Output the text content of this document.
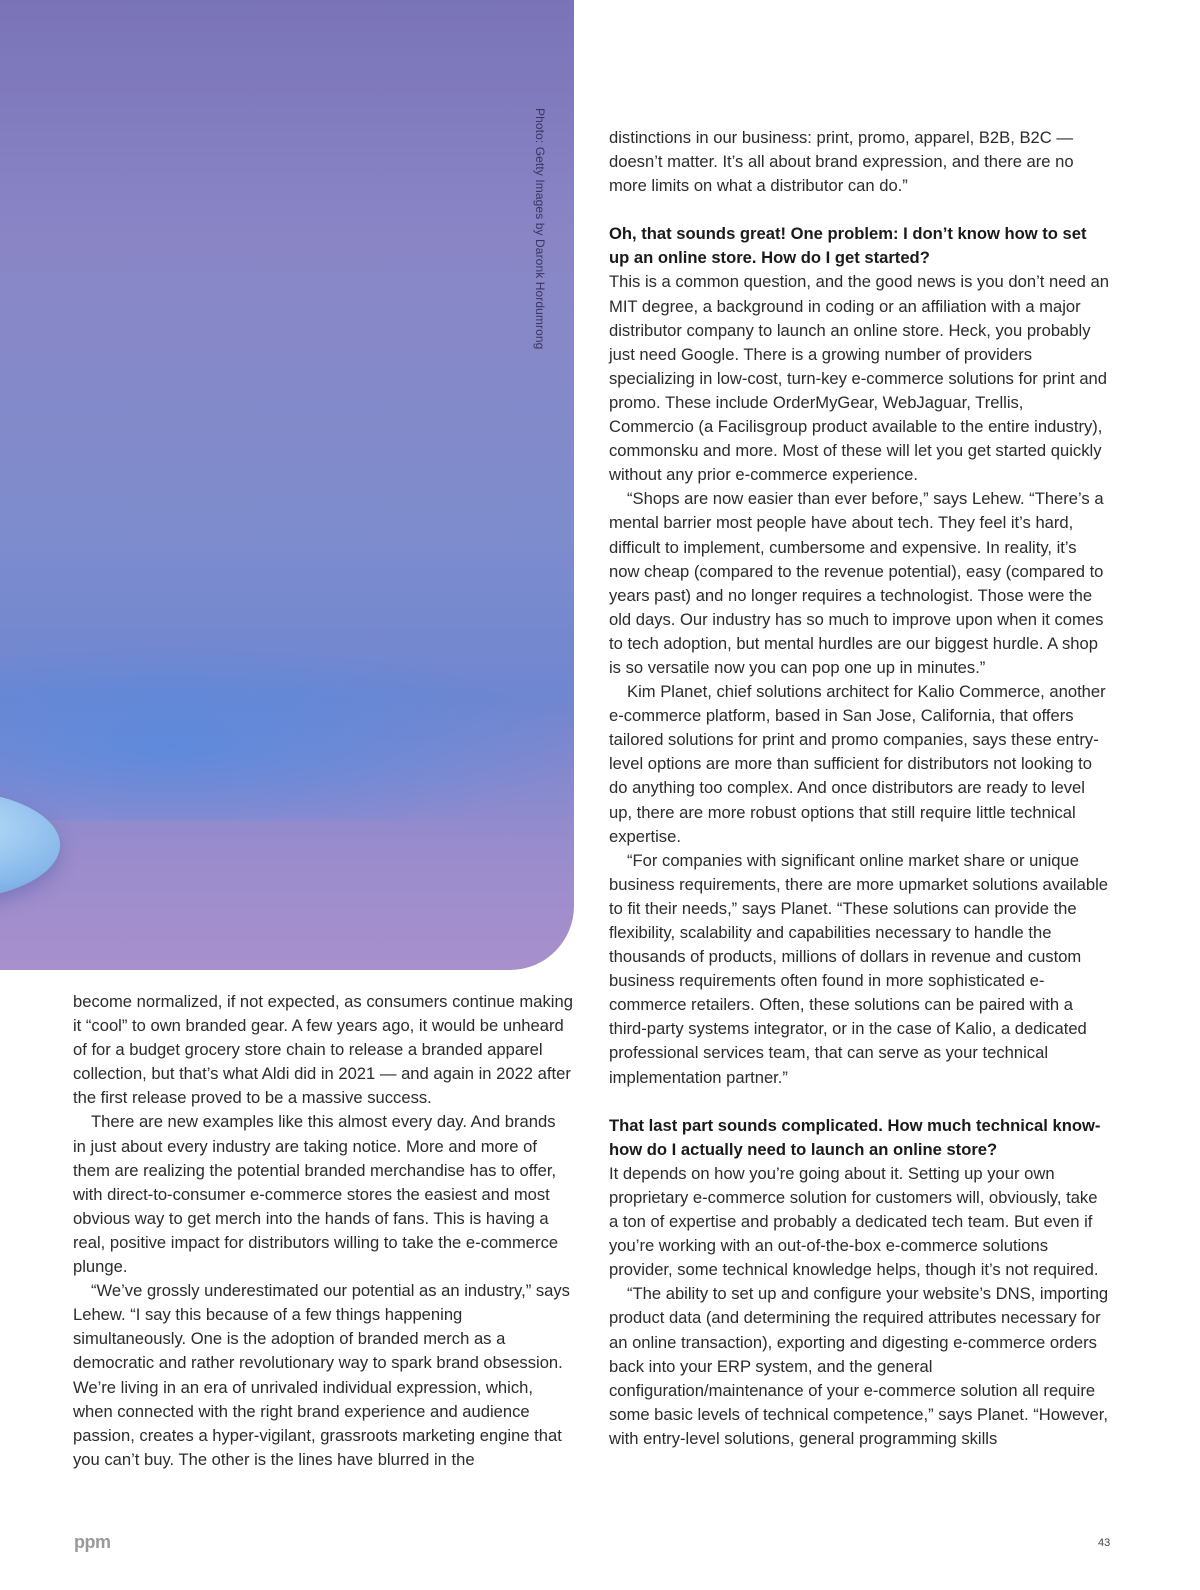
Photo: Getty Images by Daronk Hordumrong

become normalized, if not expected, as consumers continue making it “cool” to own branded gear. A few years ago, it would be unheard of for a budget grocery store chain to release a branded apparel collection, but that’s what Aldi did in 2021 — and again in 2022 after the first release proved to be a massive success.

There are new examples like this almost every day. And brands in just about every industry are taking notice. More and more of them are realizing the potential branded merchandise has to offer, with direct-to-consumer e-commerce stores the easiest and most obvious way to get merch into the hands of fans. This is having a real, positive impact for distributors willing to take the e-commerce plunge.

“We’ve grossly underestimated our potential as an industry,” says Lehew. “I say this because of a few things happening simultaneously. One is the adoption of branded merch as a democratic and rather revolutionary way to spark brand obsession. We’re living in an era of unrivaled individual expression, which, when connected with the right brand experience and audience passion, creates a hyper-vigilant, grassroots marketing engine that you can’t buy. The other is the lines have blurred in the

distinctions in our business: print, promo, apparel, B2B, B2C — doesn’t matter. It’s all about brand expression, and there are no more limits on what a distributor can do.”

Oh, that sounds great! One problem: I don’t know how to set up an online store. How do I get started?

This is a common question, and the good news is you don’t need an MIT degree, a background in coding or an affiliation with a major distributor company to launch an online store. Heck, you probably just need Google. There is a growing number of providers specializing in low-cost, turn-key e-commerce solutions for print and promo. These include OrderMyGear, WebJaguar, Trellis, Commercio (a Facilisgroup product available to the entire industry), commonsku and more. Most of these will let you get started quickly without any prior e-commerce experience.

“Shops are now easier than ever before,” says Lehew. “There’s a mental barrier most people have about tech. They feel it’s hard, difficult to implement, cumbersome and expensive. In reality, it’s now cheap (compared to the revenue potential), easy (compared to years past) and no longer requires a technologist. Those were the old days. Our industry has so much to improve upon when it comes to tech adoption, but mental hurdles are our biggest hurdle. A shop is so versatile now you can pop one up in minutes.”

Kim Planet, chief solutions architect for Kalio Commerce, another e-commerce platform, based in San Jose, California, that offers tailored solutions for print and promo companies, says these entry-level options are more than sufficient for distributors not looking to do anything too complex. And once distributors are ready to level up, there are more robust options that still require little technical expertise.

“For companies with significant online market share or unique business requirements, there are more upmarket solutions available to fit their needs,” says Planet. “These solutions can provide the flexibility, scalability and capabilities necessary to handle the thousands of products, millions of dollars in revenue and custom business requirements often found in more sophisticated e-commerce retailers. Often, these solutions can be paired with a third-party systems integrator, or in the case of Kalio, a dedicated professional services team, that can serve as your technical implementation partner.”

That last part sounds complicated. How much technical know-how do I actually need to launch an online store?

It depends on how you’re going about it. Setting up your own proprietary e-commerce solution for customers will, obviously, take a ton of expertise and probably a dedicated tech team. But even if you’re working with an out-of-the-box e-commerce solutions provider, some technical knowledge helps, though it’s not required.

“The ability to set up and configure your website’s DNS, importing product data (and determining the required attributes necessary for an online transaction), exporting and digesting e-commerce orders back into your ERP system, and the general configuration/maintenance of your e-commerce solution all require some basic levels of technical competence,” says Planet. “However, with entry-level solutions, general programming skills

ppm	43
